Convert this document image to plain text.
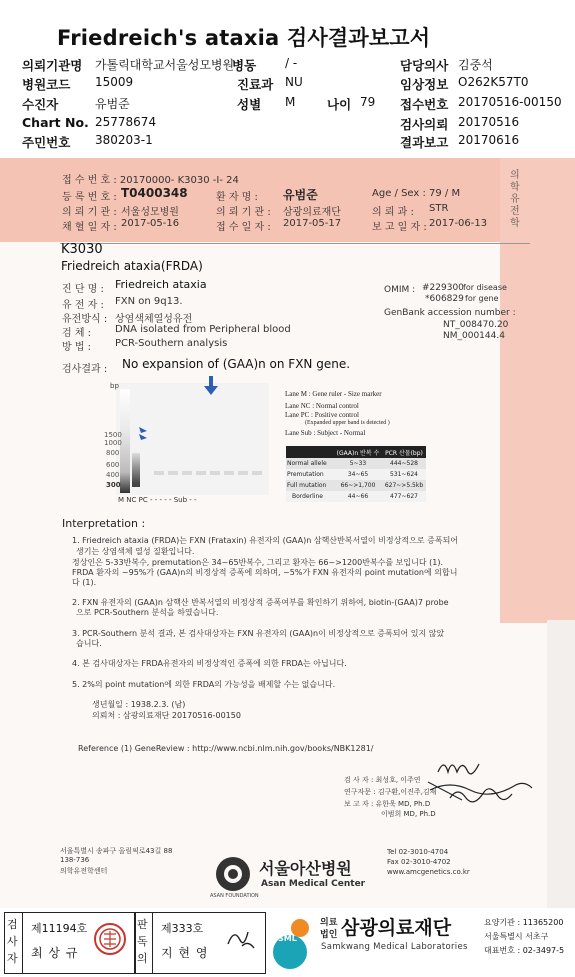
Friedreich's ataxia 검사결과보고서
의뢰기관명 가톨릭대학교서울성모병원
병동 / -	담당의사 김중석
병원코드 15009	진료과 NU	임상정보 O262K57T0
수진자	유범준	성별 M	나이 79 접수번호 20170516-00150
Chart No. 25778674	검사의뢰 20170516
주민번호 380203-1	결과보고 20170616
접 수 번 호 : 20170000- K3030 -I- 24
등 록 번 호 : T0400348	환 자 명 : 유범준	Age / Sex : 79 / M
의 뢰 기 관 : 서울성모병원	의 뢰 기 관 : 삼광의료재단	의 뢰 과 : STR
채 혈 일 자 : 2017-05-16	접 수 일 자 : 2017-05-17	보 고 일 자 : 2017-06-13
의학유전학
K3030
Friedreich ataxia(FRDA)
진 단 명 : Friedreich ataxia
유 전 자 : FXN on 9q13.
유전방식 : 상염색체열성유전
검 체 : DNA isolated from Peripheral blood
방 법 : PCR-Southern analysis
OMIM : #229300 for disease
*606829 for gene
GenBank accession number :
NT_008470.20
NM_000144.4
검사결과 : No expansion of (GAA)n on FXN gene.
bp
1500
1000
800
600
400
300
M NC PC - - - - - Sub - -
Lane M : Gene ruler - Size marker
Lane NC : Normal control
Lane PC : Positive control
(Expanded upper band is detected )
Lane Sub : Subject - Normal
	(GAA)n 반복 수	PCR 산물(bp)
Normal allele	5~33	444~528
Premutation	34~65	531~624
Full mutation	66~>1,700	627~>5.5kb
Borderline	44~66	477~627
Interpretation :
1. Friedreich ataxia (FRDA)는 FXN (Frataxin) 유전자의 (GAA)n 삼핵산반복서열이 비정상적으로 증폭되어
생기는 상염색체 열성 질환입니다.
정상인은 5-33반복수, premutation은 34~65반복수, 그리고 환자는 66~>1200반복수를 보입니다 (1).
FRDA 환자의 ~95%가 (GAA)n의 비정상적 증폭에 의하며, ~5%가 FXN 유전자의 point mutation에 의합니
다 (1).
2. FXN 유전자의 (GAA)n 삼핵산 반복서열의 비정상적 증폭여부를 확인하기 위하여, biotin-(GAA)7 probe
으로 PCR-Southern 분석을 하였습니다.
3. PCR-Southern 분석 결과, 본 검사대상자는 FXN 유전자의 (GAA)n이 비정상적으로 증폭되어 있지 않았
습니다.
4. 본 검사대상자는 FRDA유전자의 비정상적인 증폭에 의한 FRDA는 아닙니다.
5. 2%의 point mutation에 의한 FRDA의 가능성을 배제할 수는 없습니다.
생년월일 : 1938.2.3. (남)
의뢰처 : 삼광의료재단 20170516-00150
Reference (1) GeneReview : http://www.ncbi.nlm.nih.gov/books/NBK1281/
검 사 자 : 최성호, 이주연
연구자문 : 김구환,이진주,김재
보 고 자 : 유한욱 MD, Ph.D
이범희 MD, Ph.D
서울특별시 송파구 올림픽로43길 88
138-736
의학유전학센터
ASAN FOUNDATION
서울아산병원
Asan Medical Center
Tel 02-3010-4704
Fax 02-3010-4702
www.amcgenetics.co.kr
검사자
제11194호
최 상 규
판독의
제333호
지 현 영
SML
의료
법인 삼광의료재단
Samkwang Medical Laboratories
요양기관 : 11365200
서울특별시 서초구
대표번호 : 02-3497-5
